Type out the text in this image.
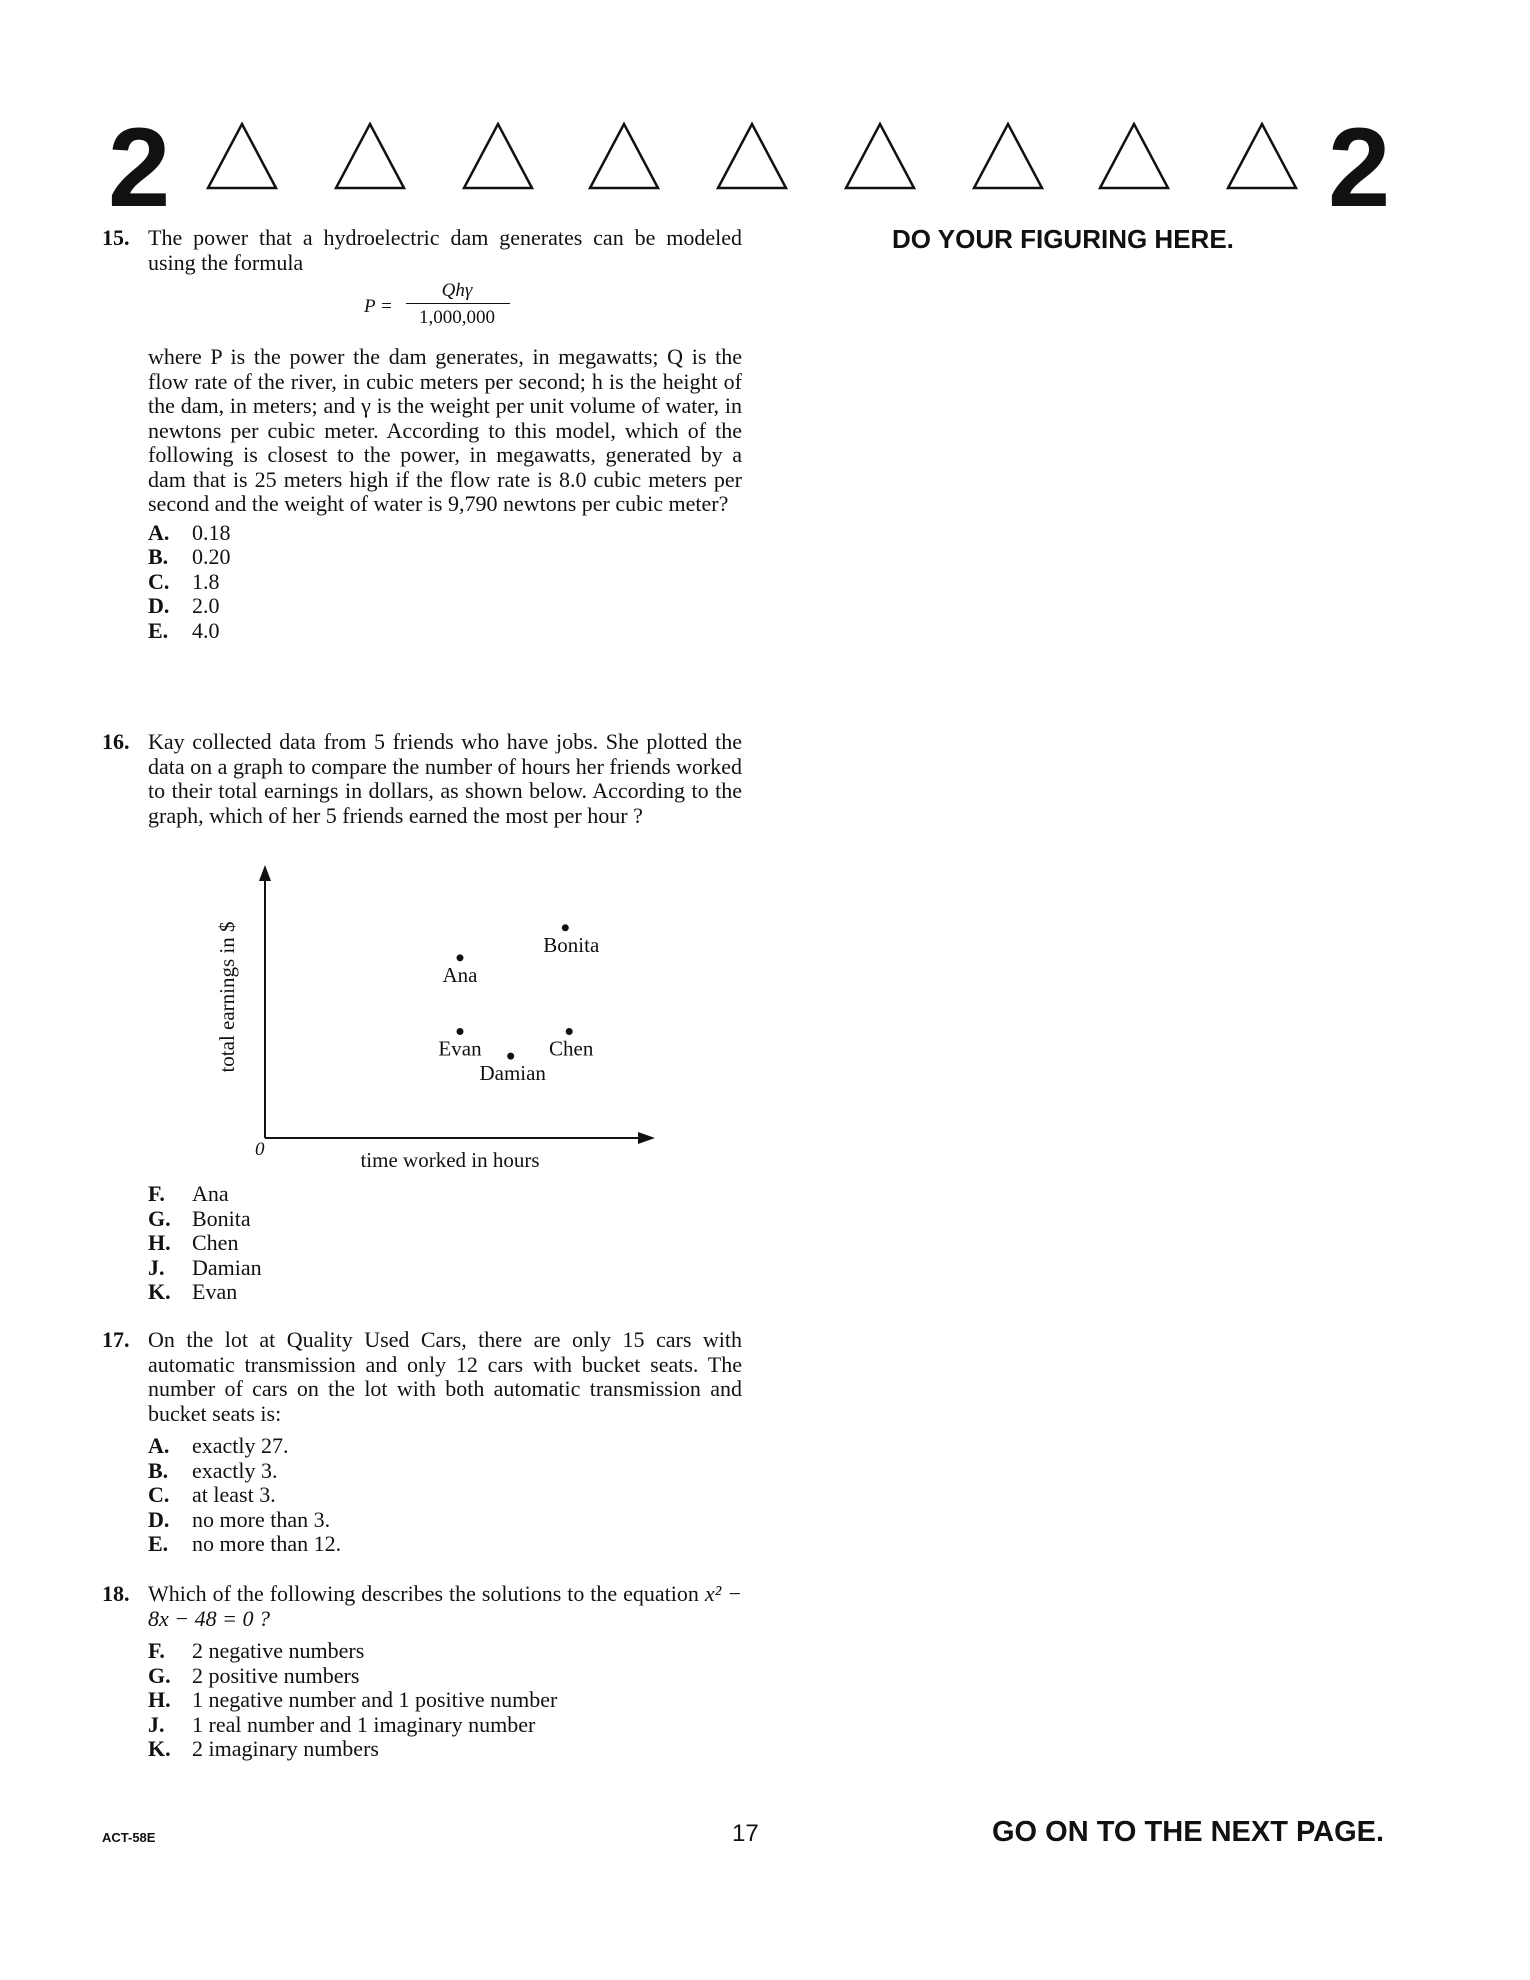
2	2
DO YOUR FIGURING HERE.
15. The power that a hydroelectric dam generates can be modeled using the formula
P =
Qhγ
1,000,000
where P is the power the dam generates, in megawatts; Q is the flow rate of the river, in cubic meters per second; h is the height of the dam, in meters; and γ is the weight per unit volume of water, in newtons per cubic meter. According to this model, which of the following is closest to the power, in megawatts, generated by a dam that is 25 meters high if the flow rate is 8.0 cubic meters per second and the weight of water is 9,790 newtons per cubic meter?
A. 0.18
B. 0.20
C. 1.8
D. 2.0
E. 4.0
16. Kay collected data from 5 friends who have jobs. She plotted the data on a graph to compare the number of hours her friends worked to their total earnings in dollars, as shown below. According to the graph, which of her 5 friends earned the most per hour ?
0	time worked in hours
total earnings in $	Ana
Bonita
Evan
Damian
Chen
F. Ana
G. Bonita
H. Chen
J. Damian
K. Evan
17. On the lot at Quality Used Cars, there are only 15 cars with automatic transmission and only 12 cars with bucket seats. The number of cars on the lot with both automatic transmission and bucket seats is:
A. exactly 27.
B. exactly 3.
C. at least 3.
D. no more than 3.
E. no more than 12.
18. Which of the following describes the solutions to the equation x² − 8x − 48 = 0 ?
F. 2 negative numbers
G. 2 positive numbers
H. 1 negative number and 1 positive number
J. 1 real number and 1 imaginary number
K. 2 imaginary numbers
ACT-58E	17	GO ON TO THE NEXT PAGE.
